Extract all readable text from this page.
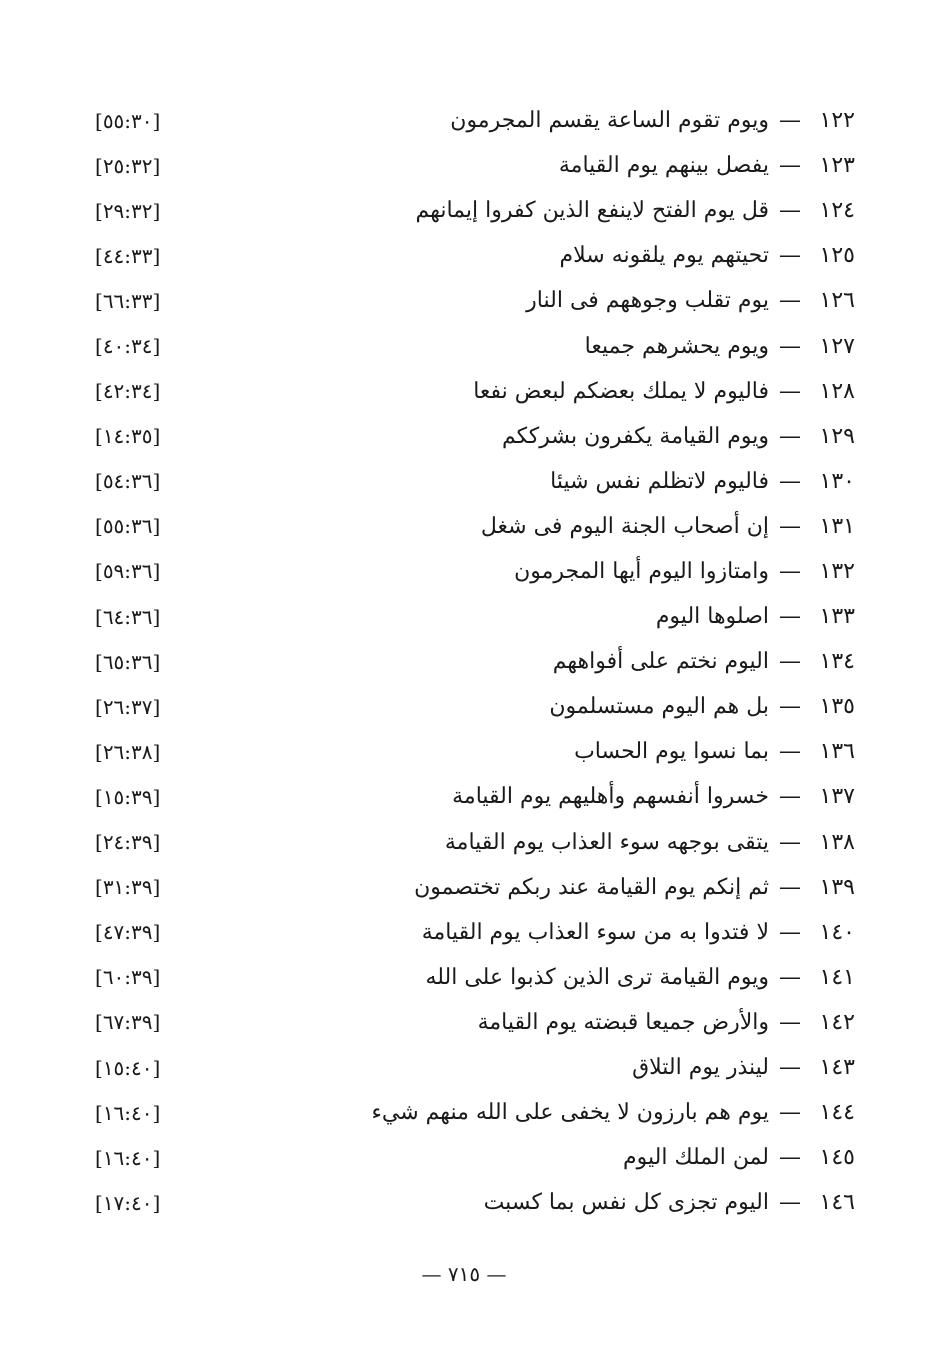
١٢٢
—
ويوم تقوم الساعة يقسم المجرمون
[٥٥:٣٠]
١٢٣
—
يفصل بينهم يوم القيامة
[٢٥:٣٢]
١٢٤
—
قل يوم الفتح لاينفع الذين كفروا إيمانهم
[٢٩:٣٢]
١٢٥
—
تحيتهم يوم يلقونه سلام
[٤٤:٣٣]
١٢٦
—
يوم تقلب وجوههم فى النار
[٦٦:٣٣]
١٢٧
—
ويوم يحشرهم جميعا
[٤٠:٣٤]
١٢٨
—
فاليوم لا يملك بعضكم لبعض نفعا
[٤٢:٣٤]
١٢٩
—
ويوم القيامة يكفرون بشرككم
[١٤:٣٥]
١٣٠
—
فاليوم لاتظلم نفس شيئا
[٥٤:٣٦]
١٣١
—
إن أصحاب الجنة اليوم فى شغل
[٥٥:٣٦]
١٣٢
—
وامتازوا اليوم أيها المجرمون
[٥٩:٣٦]
١٣٣
—
اصلوها اليوم
[٦٤:٣٦]
١٣٤
—
اليوم نختم على أفواههم
[٦٥:٣٦]
١٣٥
—
بل هم اليوم مستسلمون
[٢٦:٣٧]
١٣٦
—
بما نسوا يوم الحساب
[٢٦:٣٨]
١٣٧
—
خسروا أنفسهم وأهليهم يوم القيامة
[١٥:٣٩]
١٣٨
—
يتقى بوجهه سوء العذاب يوم القيامة
[٢٤:٣٩]
١٣٩
—
ثم إنكم يوم القيامة عند ربكم تختصمون
[٣١:٣٩]
١٤٠
—
لا فتدوا به من سوء العذاب يوم القيامة
[٤٧:٣٩]
١٤١
—
ويوم القيامة ترى الذين كذبوا على الله
[٦٠:٣٩]
١٤٢
—
والأرض جميعا قبضته يوم القيامة
[٦٧:٣٩]
١٤٣
—
لينذر يوم التلاق
[١٥:٤٠]
١٤٤
—
يوم هم بارزون لا يخفى على الله منهم شيء
[١٦:٤٠]
١٤٥
—
لمن الملك اليوم
[١٦:٤٠]
١٤٦
—
اليوم تجزى كل نفس بما كسبت
[١٧:٤٠]
— ٧١٥ —
